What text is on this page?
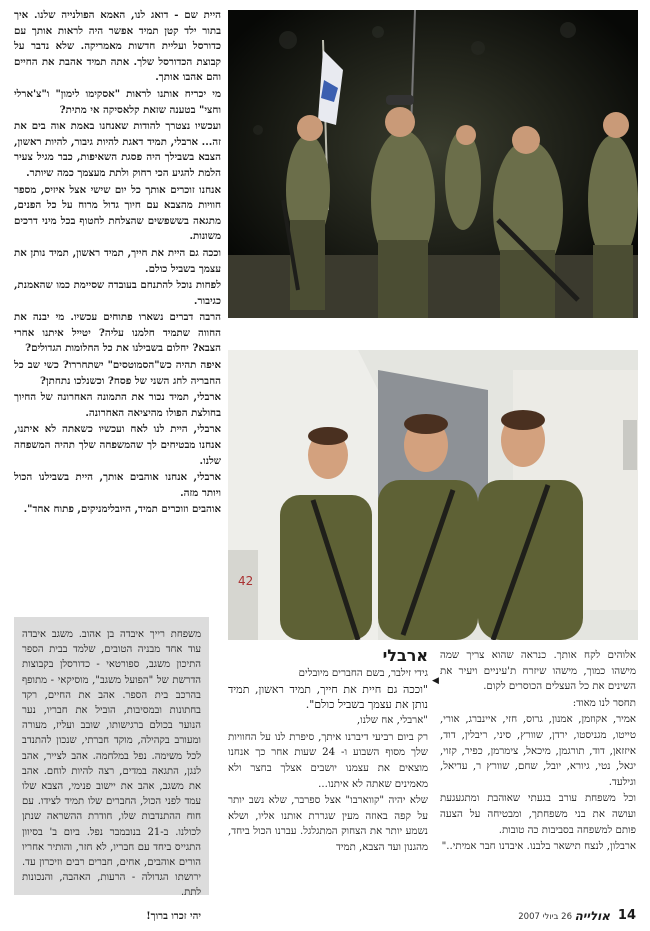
היית שם - דואג לנו, האמא הפולנייה שלנו. איך בתור ילד קטן תמיד אפשר היה לראות אותך עם כדורסל ועליית חדשות מאמריקה. שלא נדבר על קבוצת הכדורסל שלך. אתה תמיד אהבת את החיים והם אהבו אותך.

מי יכריח אותנו לראות "אסקימו לימון" ו"צ'ארלי וחצי" בטענה שזאת קלאסיקה אי מתית?

ועכשיו נצטרך להודות שאנחנו באמת אוה בים את זה... ארבלי, תמיד דאגת להיות גיבור, להיות ראשון, הצבא בשבילך היה פסגת השאיפות, כבר מגיל צעיר הלמת להגיע הכי רחוק ולתת מעצמך כמה שיותר.

אנחנו זוכרים אותך כל יום שישי אצל איזיס, מספר חוויות מהצבא עם חיוך גדול מרוח על כל הפנים, מתגאה בששפשים שהצלחת לחטוף בכל מיני דרכים משונות.

וככה גם היית את חייך, תמיד ראשון, תמיד נותן את עצמך בשביל כולם.

לפחות נוכל להתנחם בעובדה שסיימת כמו שהאמנת, כגיבור.

הרבה דברים נשארו פתוחים עכשיו. מי יבנה את החווה שתמיד חלמנו עליה? יטייל איתנו אחרי הצבא? יחלום בשבילנו את כל החלומות הגדולים?

איפה תהיה כש"הסמוטסים" ישתחררו? כשי שב כל החבריה לחג השני של פסח? וכשנלכו נתחתן?

ארבלי, תמיד נכור את התמונה האחרונה של החיוך בחולצת הפולו מהיציאה האחרונה.

ארבלי, היית לנו לאח ועכשיו כשאתה לא איתנו, אנחנו מבטיחים לך שהמשפחה שלך תהיה המשפחה שלנו.

ארבלי, אנחנו אוהבים אותך, היית בשבילנו הכול ויותר מזה.

אוהבים וזוכרים תמיד, היובלימניקים, פתוח אחד".

משפחת רייך איבדה בן אהוב. משגב איבדה עוד אחד מבניה הטובים, שלמד בבית הספר התיכון משגב, ספורטאי - כדורסלן בקבוצות הדרשת של "הפועל משגב", מוסיקאי - מתופף בהרכב בית הספר. אהב את החיים, רקד בחתונות ובמסיבות, הוביל את חבריו, נער הנוער בכולם ברגישותו, שובב ועליז, מעורה ומעורב בקהילה, מוקד חברתי, שנכון להתנדב לכל משימה. נפל במלחמה. אהב לצייר, אהב לנגן, התגאה במדים, רצה להיות לוחם. אהב את משגב, אהב את יישוב פנימי, הצבא שלו עמד לפני הכול, החברים שלו תמיד לצידו. עם חוח ההתנדבות שלו, חודרת ההשראה שנתן לכולנו. ב-21 בנובמבר נפל. ביום ב' בסיוון התגייס ביחד עם חבריו, לא חזר, והותיר אחריו הורים אוהבים, אחים, חברים רבים וזיכרון עד. ירושתו הגדולה - הרעות, האהבה, והנכונות לתת.
יהי זכרו ברוך!
42
ארבלי

גידי זילבר, בשם החברים מיובלים

"וככה גם חיית את חייך, תמיד ראשון, תמיד נותן את עצמך בשביל כולם".

"ארבלי, אח שלנו,

רק ביום רביעי דיברנו איתך, סיפרת לנו על החוויות שלך מסוף השבוע ו- 24 שעות אחר כך אנחנו מוצאים את עצמנו יושבים אצלך בחצר ולא מאמינים שאתה לא איתנו...

שלא יהיה "קווארבו" אצל ספרבר, שלא נשב יותר על קפה באוזה מעין שגררת אותנו אליו, ושלא נשמע יותר את הצחוק המתגלגל. עברנו הכול ביחד, מהגנון ועד הצבא, תמיד

◀

אלוהים לקח אותך. כנראה שהוא צריך שמה מישהו כמוך, מישהו שיזרח ת'עיניים ויעיר את השינים את כל העצלים הכוסרים לקום.

תחסר לנו מאוד:

אמיר, אקוזמן, אמנון, גרוס, חזי, איינברג, אורי, טייטו, מגניסטו, ירדן, שוורץ, סיני, ריבלין, דוד, איזזאן, דוד, תורגמן, מיכאל, צימרמן, כפיר, קזוי, יגאל, נטי, גיורא, יובל, שחם, שוורץ ר, עדיאל, וגילעד.

וכל משפחת עורב בגעתי שאוהבת ומתגעגעת ועושה את בני משפחתך, ומבטיחה על הצעה פותם למשפחה בסביבות כה טובות.

ארבלון, לנצח תישאר בלבנו. איבדנו חבר אמיתי.."

26 ביולי 2007 אולייה 14
